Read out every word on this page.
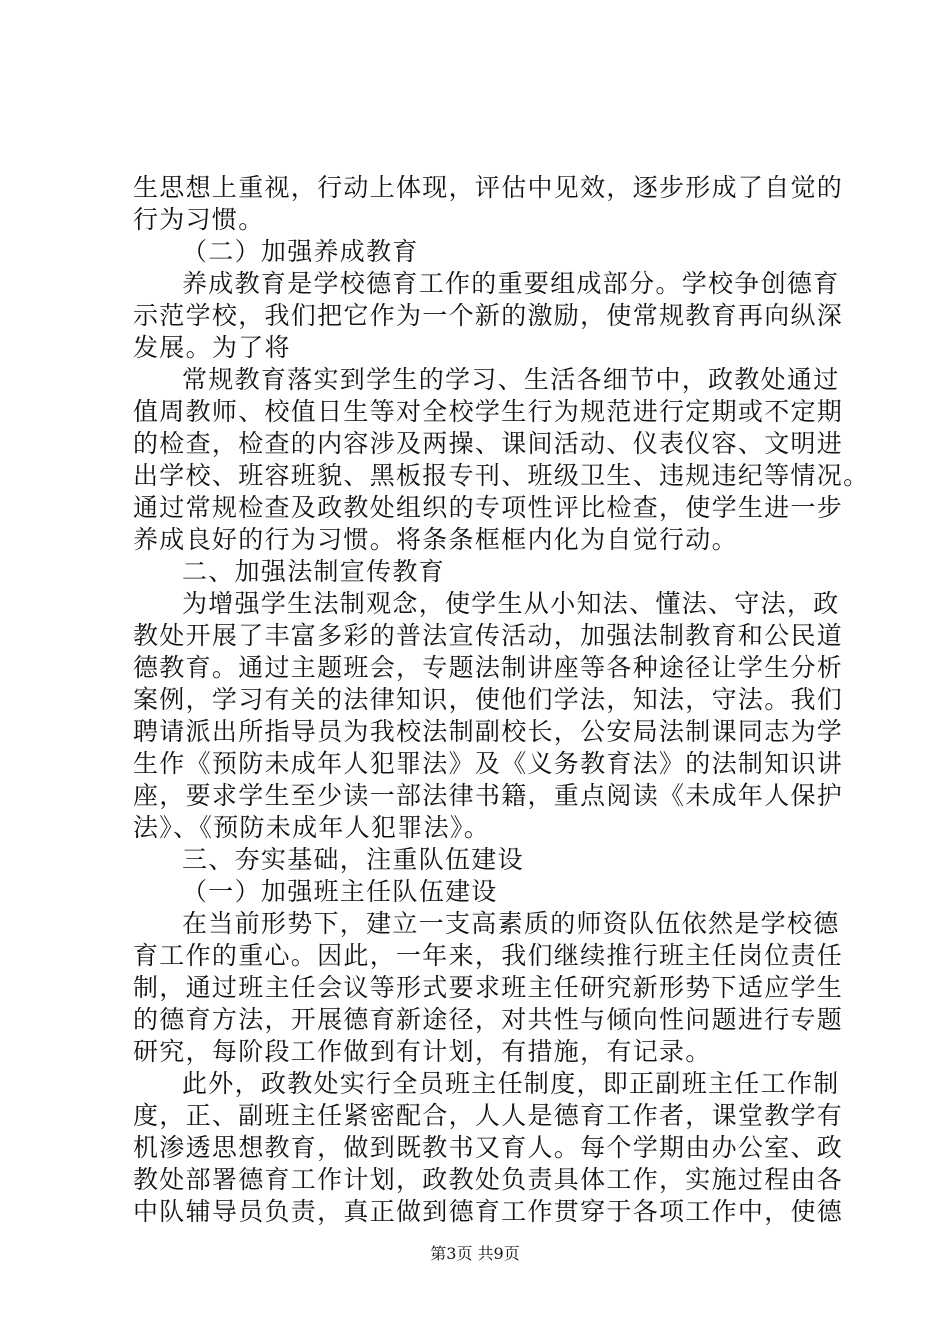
生思想上重视，行动上体现，评估中见效，逐步形成了自觉的
行为习惯。
（二）加强养成教育
养成教育是学校德育工作的重要组成部分。学校争创德育
示范学校，我们把它作为一个新的激励，使常规教育再向纵深
发展。为了将
常规教育落实到学生的学习、生活各细节中，政教处通过
值周教师、校值日生等对全校学生行为规范进行定期或不定期
的检查，检查的内容涉及两操、课间活动、仪表仪容、文明进
出学校、班容班貌、黑板报专刊、班级卫生、违规违纪等情况。
通过常规检查及政教处组织的专项性评比检查，使学生进一步
养成良好的行为习惯。将条条框框内化为自觉行动。
二、加强法制宣传教育
为增强学生法制观念，使学生从小知法、懂法、守法，政
教处开展了丰富多彩的普法宣传活动，加强法制教育和公民道
德教育。通过主题班会，专题法制讲座等各种途径让学生分析
案例，学习有关的法律知识，使他们学法，知法，守法。我们
聘请派出所指导员为我校法制副校长，公安局法制课同志为学
生作《预防未成年人犯罪法》及《义务教育法》的法制知识讲
座，要求学生至少读一部法律书籍，重点阅读《未成年人保护
法》、《预防未成年人犯罪法》。
三、夯实基础，注重队伍建设
（一）加强班主任队伍建设
在当前形势下，建立一支高素质的师资队伍依然是学校德
育工作的重心。因此，一年来，我们继续推行班主任岗位责任
制，通过班主任会议等形式要求班主任研究新形势下适应学生
的德育方法，开展德育新途径，对共性与倾向性问题进行专题
研究，每阶段工作做到有计划，有措施，有记录。
此外，政教处实行全员班主任制度，即正副班主任工作制
度，正、副班主任紧密配合，人人是德育工作者，课堂教学有
机渗透思想教育，做到既教书又育人。每个学期由办公室、政
教处部署德育工作计划，政教处负责具体工作，实施过程由各
中队辅导员负责，真正做到德育工作贯穿于各项工作中，使德
第3页 共9页
